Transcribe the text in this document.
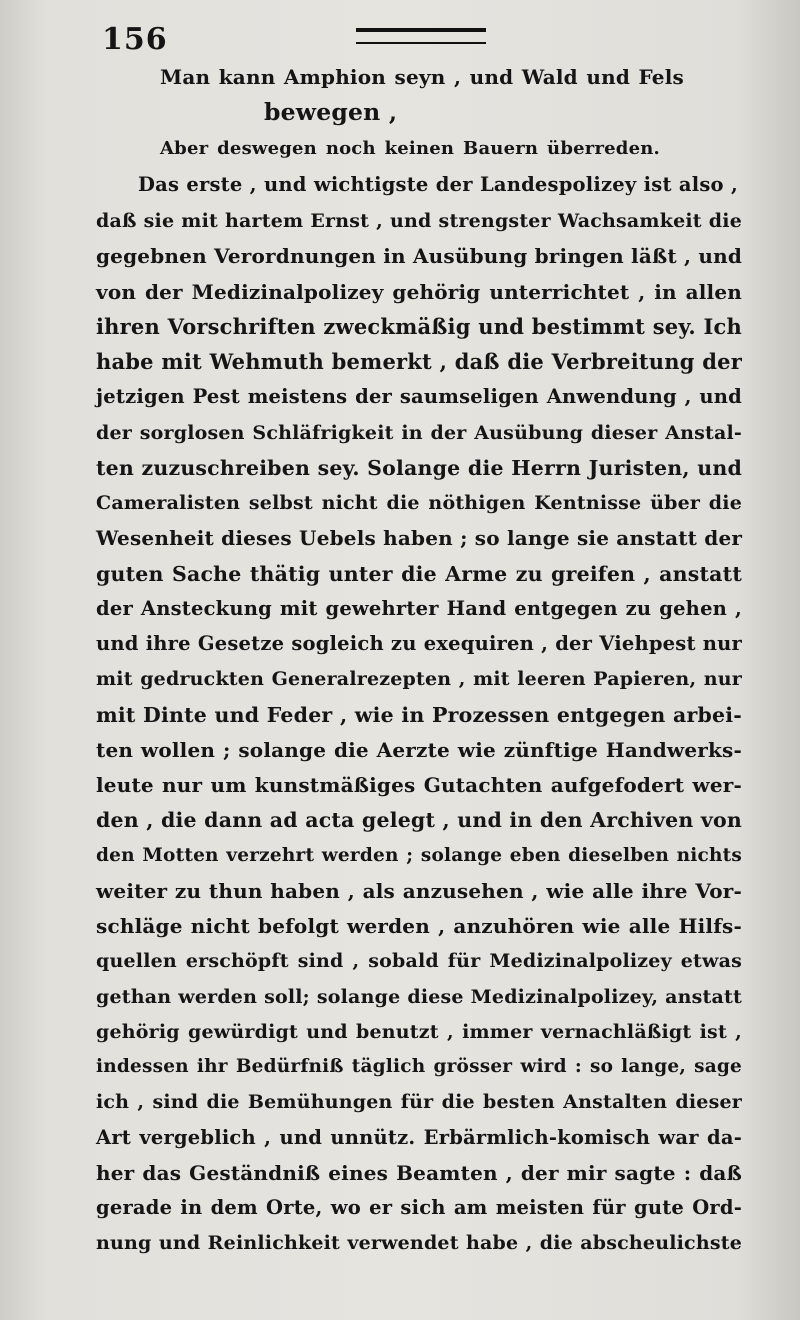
156
Man kann Amphion seyn , und Wald und Fels
bewegen ,
Aber deswegen noch keinen Bauern überreden.
Das erste , und wichtigste der Landespolizey ist also ,
daß sie mit hartem Ernst , und strengster Wachsamkeit die
gegebnen Verordnungen in Ausübung bringen läßt , und
von der Medizinalpolizey gehörig unterrichtet , in allen
ihren Vorschriften zweckmäßig und bestimmt sey. Ich
habe mit Wehmuth bemerkt , daß die Verbreitung der
jetzigen Pest meistens der saumseligen Anwendung , und
der sorglosen Schläfrigkeit in der Ausübung dieser Anstal-
ten zuzuschreiben sey. Solange die Herrn Juristen, und
Cameralisten selbst nicht die nöthigen Kentnisse über die
Wesenheit dieses Uebels haben ; so lange sie anstatt der
guten Sache thätig unter die Arme zu greifen , anstatt
der Ansteckung mit gewehrter Hand entgegen zu gehen ,
und ihre Gesetze sogleich zu exequiren , der Viehpest nur
mit gedruckten Generalrezepten , mit leeren Papieren, nur
mit Dinte und Feder , wie in Prozessen entgegen arbei-
ten wollen ; solange die Aerzte wie zünftige Handwerks-
leute nur um kunstmäßiges Gutachten aufgefodert wer-
den , die dann ad acta gelegt , und in den Archiven von
den Motten verzehrt werden ; solange eben dieselben nichts
weiter zu thun haben , als anzusehen , wie alle ihre Vor-
schläge nicht befolgt werden , anzuhören wie alle Hilfs-
quellen erschöpft sind , sobald für Medizinalpolizey etwas
gethan werden soll; solange diese Medizinalpolizey, anstatt
gehörig gewürdigt und benutzt , immer vernachläßigt ist ,
indessen ihr Bedürfniß täglich grösser wird : so lange, sage
ich , sind die Bemühungen für die besten Anstalten dieser
Art vergeblich , und unnütz. Erbärmlich-komisch war da-
her das Geständniß eines Beamten , der mir sagte : daß
gerade in dem Orte, wo er sich am meisten für gute Ord-
nung und Reinlichkeit verwendet habe , die abscheulichste
